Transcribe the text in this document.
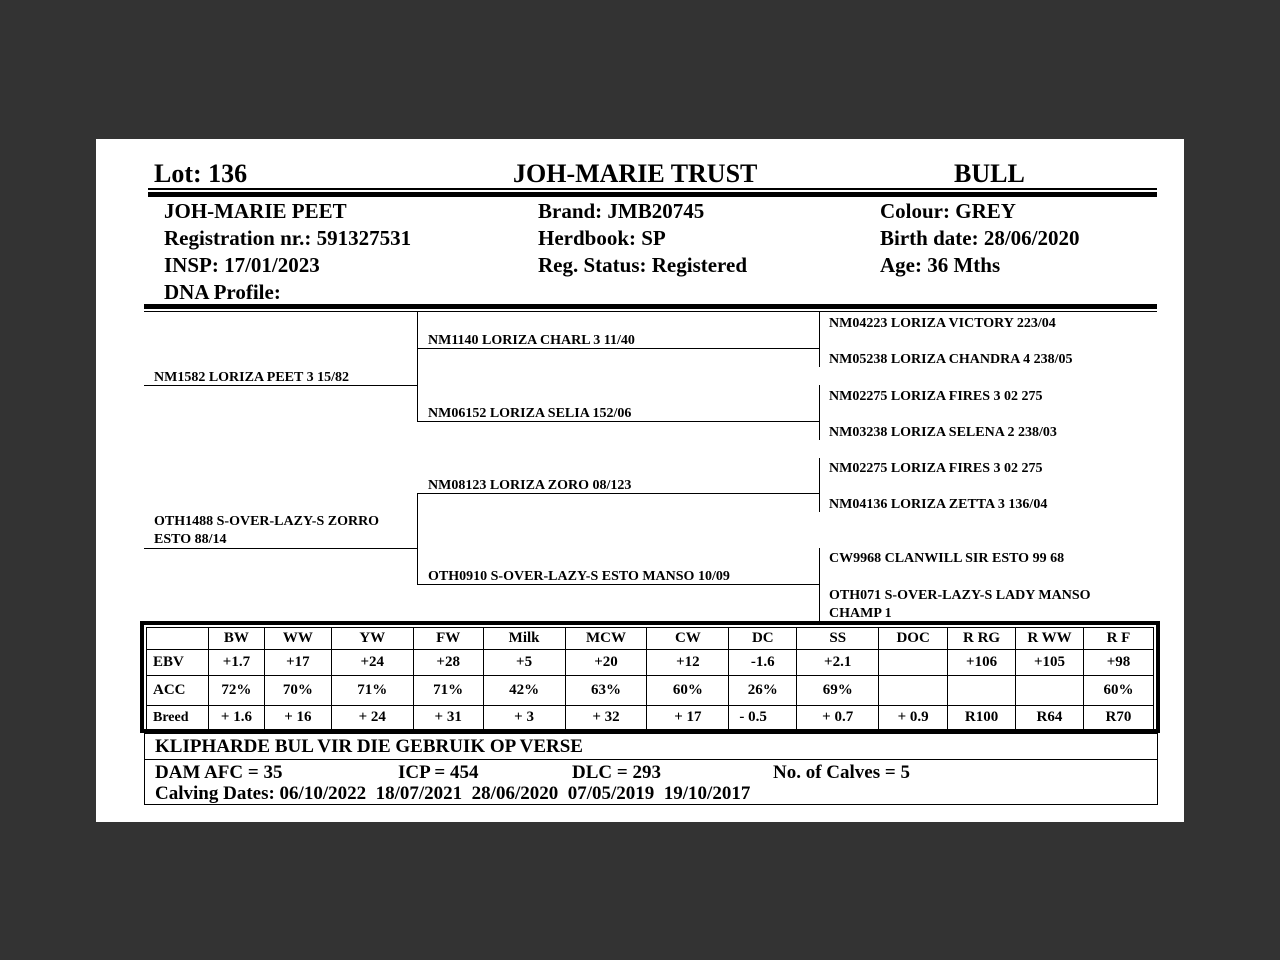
Lot: 136	JOH-MARIE TRUST	BULL
JOH-MARIE PEET
Registration nr.: 591327531
INSP: 17/01/2023
DNA Profile:
Brand: JMB20745
Herdbook: SP
Reg. Status: Registered
Colour: GREY
Birth date: 28/06/2020
Age: 36 Mths
NM1582 LORIZA PEET 3 15/82
OTH1488 S-OVER-LAZY-S ZORRO
ESTO 88/14
NM1140 LORIZA CHARL 3 11/40
NM06152 LORIZA SELIA 152/06
NM08123 LORIZA ZORO 08/123
OTH0910 S-OVER-LAZY-S ESTO MANSO 10/09
NM04223 LORIZA VICTORY 223/04
NM05238 LORIZA CHANDRA 4 238/05
NM02275 LORIZA FIRES 3 02 275
NM03238 LORIZA SELENA 2 238/03
NM02275 LORIZA FIRES 3 02 275
NM04136 LORIZA ZETTA 3 136/04
CW9968 CLANWILL SIR ESTO 99 68
OTH071 S-OVER-LAZY-S LADY MANSO
CHAMP 1
	BW	WW	YW	FW	Milk	MCW	CW	DC	SS	DOC	R RG	R WW	R F
EBV	+1.7	+17	+24	+28	+5	+20	+12	-1.6	+2.1		+106	+105	+98
ACC	72%	70%	71%	71%	42%	63%	60%	26%	69%				60%
Breed	+ 1.6	+ 16	+ 24	+ 31	+ 3	+ 32	+ 17	- 0.5	+ 0.7	+ 0.9	R100	R64	R70
KLIPHARDE BUL VIR DIE GEBRUIK OP VERSE
DAM AFC = 35	ICP = 454	DLC = 293	No. of Calves = 5
Calving Dates: 06/10/2022  18/07/2021  28/06/2020  07/05/2019  19/10/2017
